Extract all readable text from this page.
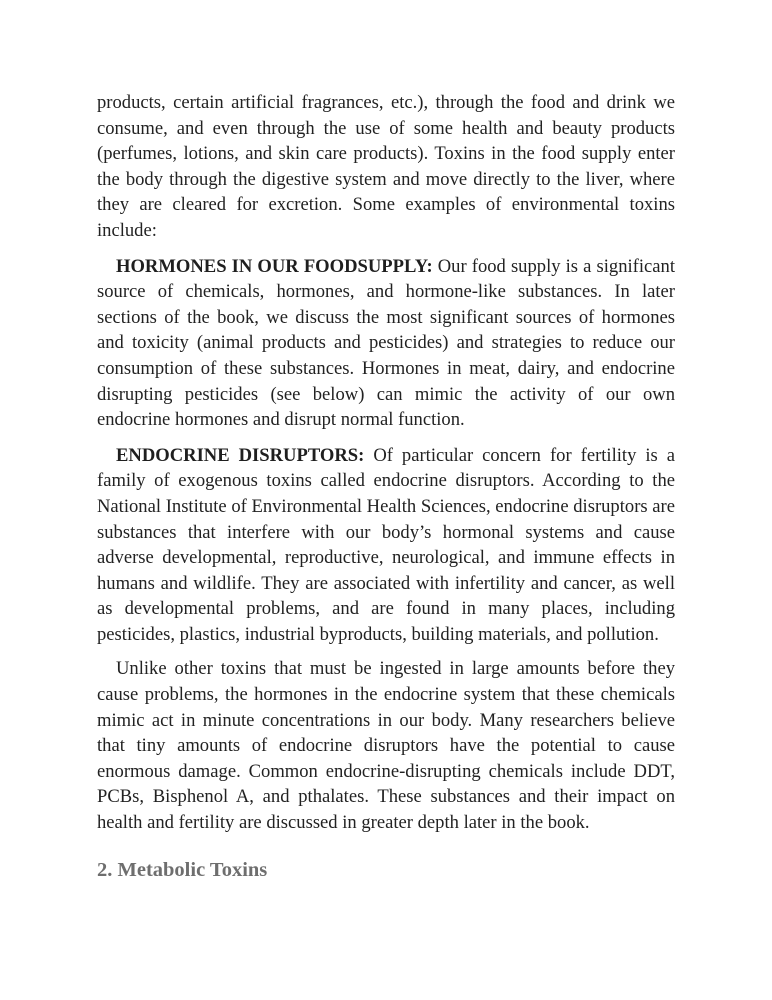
products, certain artificial fragrances, etc.), through the food and drink we consume, and even through the use of some health and beauty products (perfumes, lotions, and skin care products). Toxins in the food supply enter the body through the digestive system and move directly to the liver, where they are cleared for excretion. Some examples of environmental toxins include:

HORMONES IN OUR FOODSUPPLY: Our food supply is a significant source of chemicals, hormones, and hormone-like substances. In later sections of the book, we discuss the most significant sources of hormones and toxicity (animal products and pesticides) and strategies to reduce our consumption of these substances. Hormones in meat, dairy, and endocrine disrupting pesticides (see below) can mimic the activity of our own endocrine hormones and disrupt normal function.

ENDOCRINE DISRUPTORS: Of particular concern for fertility is a family of exogenous toxins called endocrine disruptors. According to the National Institute of Environmental Health Sciences, endocrine disruptors are substances that interfere with our body’s hormonal systems and cause adverse developmental, reproductive, neurological, and immune effects in humans and wildlife. They are associated with infertility and cancer, as well as developmental problems, and are found in many places, including pesticides, plastics, industrial byproducts, building materials, and pollution.

Unlike other toxins that must be ingested in large amounts before they cause problems, the hormones in the endocrine system that these chemicals mimic act in minute concentrations in our body. Many researchers believe that tiny amounts of endocrine disruptors have the potential to cause enormous damage. Common endocrine-disrupting chemicals include DDT, PCBs, Bisphenol A, and pthalates. These substances and their impact on health and fertility are discussed in greater depth later in the book.

2. Metabolic Toxins
